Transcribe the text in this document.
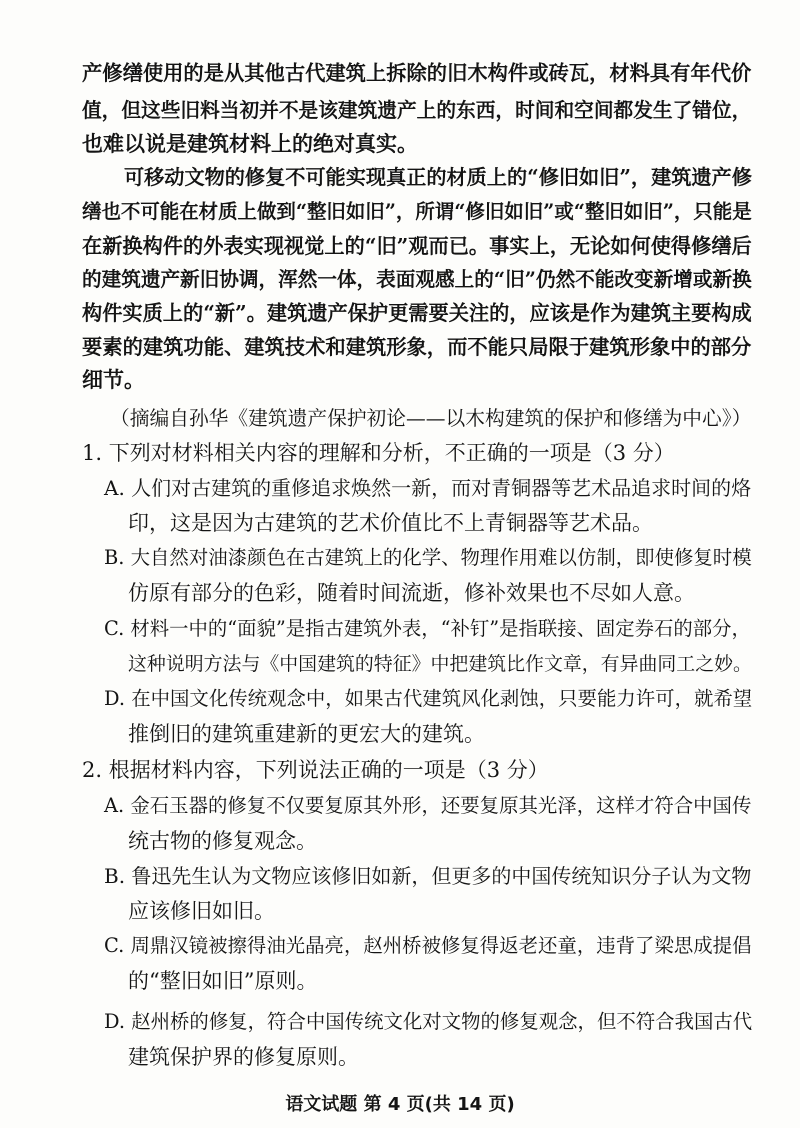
产修缮使用的是从其他古代建筑上拆除的旧木构件或砖瓦，材料具有年代价
值，但这些旧料当初并不是该建筑遗产上的东西，时间和空间都发生了错位，
也难以说是建筑材料上的绝对真实。
可移动文物的修复不可能实现真正的材质上的“修旧如旧”，建筑遗产修
缮也不可能在材质上做到“整旧如旧”，所谓“修旧如旧”或“整旧如旧”，只能是
在新换构件的外表实现视觉上的“旧”观而已。事实上，无论如何使得修缮后
的建筑遗产新旧协调，浑然一体，表面观感上的“旧”仍然不能改变新增或新换
构件实质上的“新”。建筑遗产保护更需要关注的，应该是作为建筑主要构成
要素的建筑功能、建筑技术和建筑形象，而不能只局限于建筑形象中的部分
细节。
（摘编自孙华《建筑遗产保护初论——以木构建筑的保护和修缮为中心》）
1. 下列对材料相关内容的理解和分析，不正确的一项是（3 分）
A. 人们对古建筑的重修追求焕然一新，而对青铜器等艺术品追求时间的烙
印，这是因为古建筑的艺术价值比不上青铜器等艺术品。
B. 大自然对油漆颜色在古建筑上的化学、物理作用难以仿制，即使修复时模
仿原有部分的色彩，随着时间流逝，修补效果也不尽如人意。
C. 材料一中的“面貌”是指古建筑外表，“补钉”是指联接、固定券石的部分，
这种说明方法与《中国建筑的特征》中把建筑比作文章，有异曲同工之妙。
D. 在中国文化传统观念中，如果古代建筑风化剥蚀，只要能力许可，就希望
推倒旧的建筑重建新的更宏大的建筑。
2. 根据材料内容，下列说法正确的一项是（3 分）
A. 金石玉器的修复不仅要复原其外形，还要复原其光泽，这样才符合中国传
统古物的修复观念。
B. 鲁迅先生认为文物应该修旧如新，但更多的中国传统知识分子认为文物
应该修旧如旧。
C. 周鼎汉镜被擦得油光晶亮，赵州桥被修复得返老还童，违背了梁思成提倡
的“整旧如旧”原则。
D. 赵州桥的修复，符合中国传统文化对文物的修复观念，但不符合我国古代
建筑保护界的修复原则。
语文试题 第 4 页(共 14 页)
